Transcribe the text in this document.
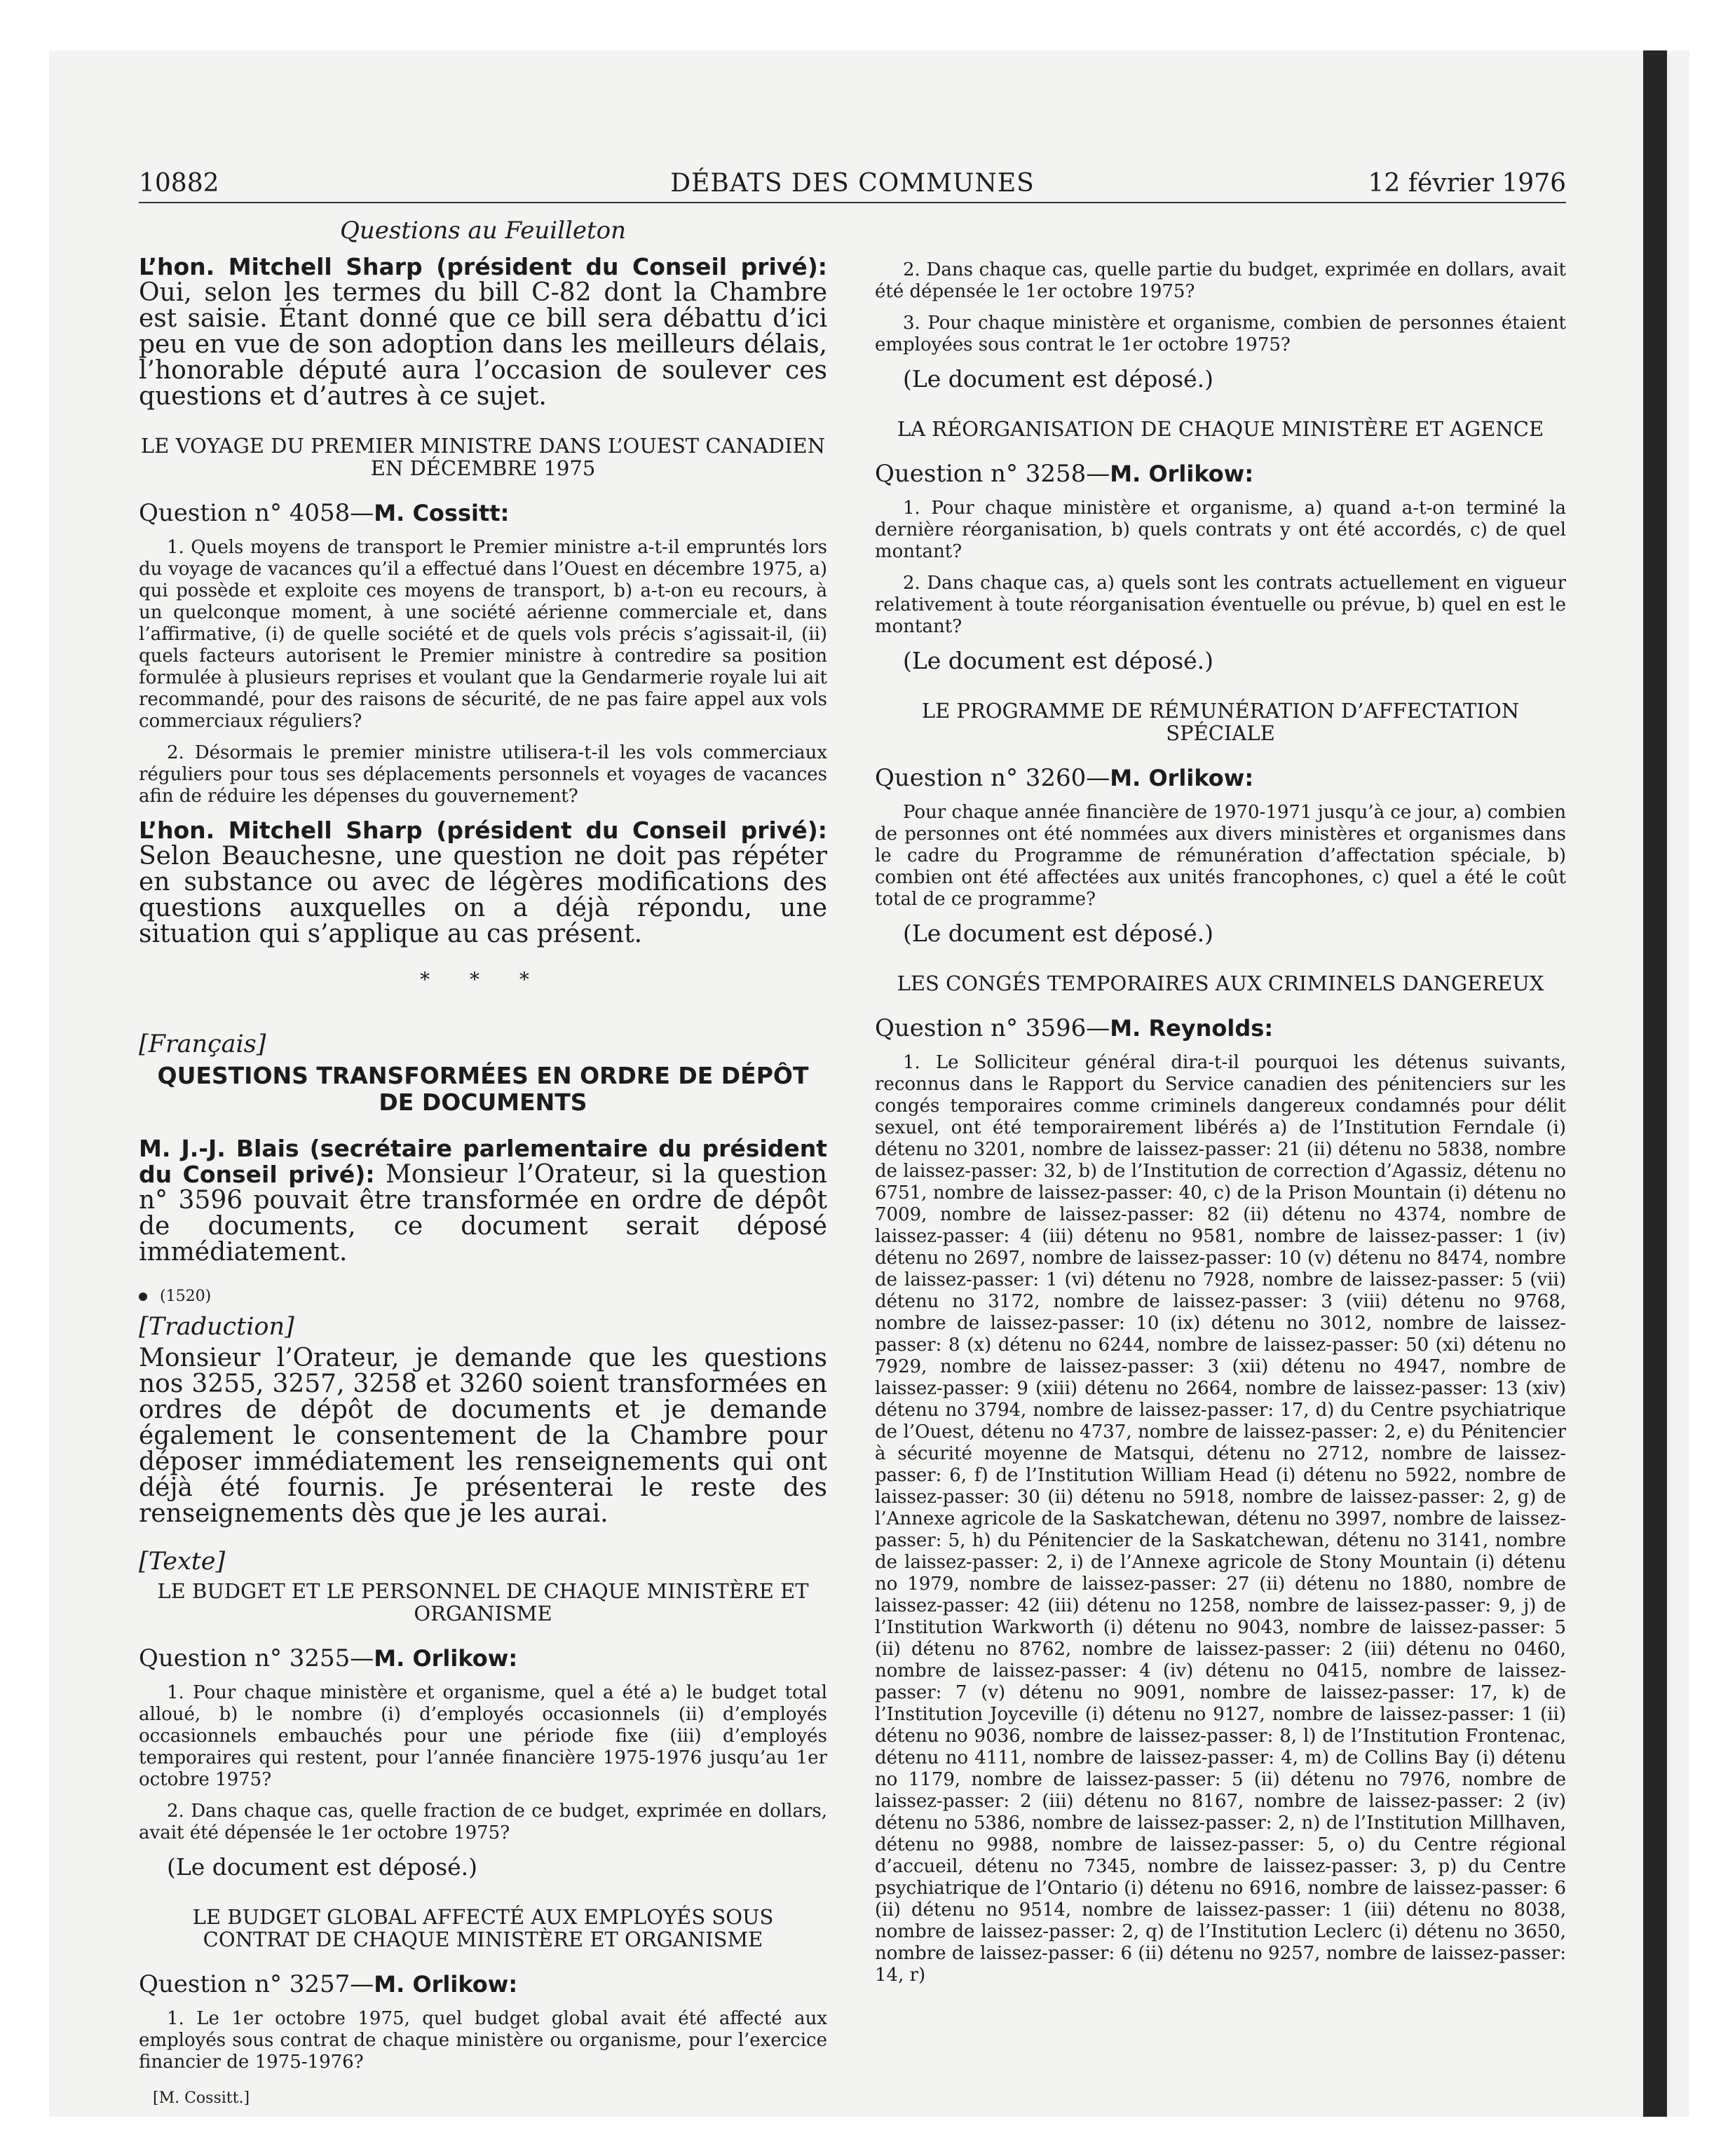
DÉBATS DES COMMUNES
10882	12 février 1976

Questions au Feuilleton

L’hon. Mitchell Sharp (président du Conseil privé): Oui, selon les termes du bill C-82 dont la Chambre est saisie. Étant donné que ce bill sera débattu d’ici peu en vue de son adoption dans les meilleurs délais, l’honorable député aura l’occasion de soulever ces questions et d’autres à ce sujet.

LE VOYAGE DU PREMIER MINISTRE DANS L’OUEST CANADIEN EN DÉCEMBRE 1975

Question n° 4058—M. Cossitt:

1. Quels moyens de transport le Premier ministre a-t-il empruntés lors du voyage de vacances qu’il a effectué dans l’Ouest en décembre 1975, a) qui possède et exploite ces moyens de transport, b) a-t-on eu recours, à un quelconque moment, à une société aérienne commerciale et, dans l’affirmative, (i) de quelle société et de quels vols précis s’agissait-il, (ii) quels facteurs autorisent le Premier ministre à contredire sa position formulée à plusieurs reprises et voulant que la Gendarmerie royale lui ait recommandé, pour des raisons de sécurité, de ne pas faire appel aux vols commerciaux réguliers?

2. Désormais le premier ministre utilisera-t-il les vols commerciaux réguliers pour tous ses déplacements personnels et voyages de vacances afin de réduire les dépenses du gouvernement?

L’hon. Mitchell Sharp (président du Conseil privé): Selon Beauchesne, une question ne doit pas répéter en substance ou avec de légères modifications des questions auxquelles on a déjà répondu, une situation qui s’applique au cas présent.

* * *

[Français]

QUESTIONS TRANSFORMÉES EN ORDRE DE DÉPÔT DE DOCUMENTS

M. J.-J. Blais (secrétaire parlementaire du président du Conseil privé): Monsieur l’Orateur, si la question n° 3596 pouvait être transformée en ordre de dépôt de documents, ce document serait déposé immédiatement.

(1520)

[Traduction]

Monsieur l’Orateur, je demande que les questions nos 3255, 3257, 3258 et 3260 soient transformées en ordres de dépôt de documents et je demande également le consentement de la Chambre pour déposer immédiatement les renseignements qui ont déjà été fournis. Je présenterai le reste des renseignements dès que je les aurai.

[Texte]

LE BUDGET ET LE PERSONNEL DE CHAQUE MINISTÈRE ET ORGANISME

Question n° 3255—M. Orlikow:

1. Pour chaque ministère et organisme, quel a été a) le budget total alloué, b) le nombre (i) d’employés occasionnels (ii) d’employés occasionnels embauchés pour une période fixe (iii) d’employés temporaires qui restent, pour l’année financière 1975-1976 jusqu’au 1er octobre 1975?

2. Dans chaque cas, quelle fraction de ce budget, exprimée en dollars, avait été dépensée le 1er octobre 1975?

(Le document est déposé.)

LE BUDGET GLOBAL AFFECTÉ AUX EMPLOYÉS SOUS CONTRAT DE CHAQUE MINISTÈRE ET ORGANISME

Question n° 3257—M. Orlikow:

1. Le 1er octobre 1975, quel budget global avait été affecté aux employés sous contrat de chaque ministère ou organisme, pour l’exercice financier de 1975-1976?

[M. Cossitt.]

2. Dans chaque cas, quelle partie du budget, exprimée en dollars, avait été dépensée le 1er octobre 1975?

3. Pour chaque ministère et organisme, combien de personnes étaient employées sous contrat le 1er octobre 1975?

(Le document est déposé.)

LA RÉORGANISATION DE CHAQUE MINISTÈRE ET AGENCE

Question n° 3258—M. Orlikow:

1. Pour chaque ministère et organisme, a) quand a-t-on terminé la dernière réorganisation, b) quels contrats y ont été accordés, c) de quel montant?

2. Dans chaque cas, a) quels sont les contrats actuellement en vigueur relativement à toute réorganisation éventuelle ou prévue, b) quel en est le montant?

(Le document est déposé.)

LE PROGRAMME DE RÉMUNÉRATION D’AFFECTATION SPÉCIALE

Question n° 3260—M. Orlikow:

Pour chaque année financière de 1970-1971 jusqu’à ce jour, a) combien de personnes ont été nommées aux divers ministères et organismes dans le cadre du Programme de rémunération d’affectation spéciale, b) combien ont été affectées aux unités francophones, c) quel a été le coût total de ce programme?

(Le document est déposé.)

LES CONGÉS TEMPORAIRES AUX CRIMINELS DANGEREUX

Question n° 3596—M. Reynolds:

1. Le Solliciteur général dira-t-il pourquoi les détenus suivants, reconnus dans le Rapport du Service canadien des pénitenciers sur les congés temporaires comme criminels dangereux condamnés pour délit sexuel, ont été temporairement libérés a) de l’Institution Ferndale (i) détenu no 3201, nombre de laissez-passer: 21 (ii) détenu no 5838, nombre de laissez-passer: 32, b) de l’Institution de correction d’Agassiz, détenu no 6751, nombre de laissez-passer: 40, c) de la Prison Mountain (i) détenu no 7009, nombre de laissez-passer: 82 (ii) détenu no 4374, nombre de laissez-passer: 4 (iii) détenu no 9581, nombre de laissez-passer: 1 (iv) détenu no 2697, nombre de laissez-passer: 10 (v) détenu no 8474, nombre de laissez-passer: 1 (vi) détenu no 7928, nombre de laissez-passer: 5 (vii) détenu no 3172, nombre de laissez-passer: 3 (viii) détenu no 9768, nombre de laissez-passer: 10 (ix) détenu no 3012, nombre de laissez-passer: 8 (x) détenu no 6244, nombre de laissez-passer: 50 (xi) détenu no 7929, nombre de laissez-passer: 3 (xii) détenu no 4947, nombre de laissez-passer: 9 (xiii) détenu no 2664, nombre de laissez-passer: 13 (xiv) détenu no 3794, nombre de laissez-passer: 17, d) du Centre psychiatrique de l’Ouest, détenu no 4737, nombre de laissez-passer: 2, e) du Pénitencier à sécurité moyenne de Matsqui, détenu no 2712, nombre de laissez-passer: 6, f) de l’Institution William Head (i) détenu no 5922, nombre de laissez-passer: 30 (ii) détenu no 5918, nombre de laissez-passer: 2, g) de l’Annexe agricole de la Saskatchewan, détenu no 3997, nombre de laissez-passer: 5, h) du Pénitencier de la Saskatchewan, détenu no 3141, nombre de laissez-passer: 2, i) de l’Annexe agricole de Stony Mountain (i) détenu no 1979, nombre de laissez-passer: 27 (ii) détenu no 1880, nombre de laissez-passer: 42 (iii) détenu no 1258, nombre de laissez-passer: 9, j) de l’Institution Warkworth (i) détenu no 9043, nombre de laissez-passer: 5 (ii) détenu no 8762, nombre de laissez-passer: 2 (iii) détenu no 0460, nombre de laissez-passer: 4 (iv) détenu no 0415, nombre de laissez-passer: 7 (v) détenu no 9091, nombre de laissez-passer: 17, k) de l’Institution Joyceville (i) détenu no 9127, nombre de laissez-passer: 1 (ii) détenu no 9036, nombre de laissez-passer: 8, l) de l’Institution Frontenac, détenu no 4111, nombre de laissez-passer: 4, m) de Collins Bay (i) détenu no 1179, nombre de laissez-passer: 5 (ii) détenu no 7976, nombre de laissez-passer: 2 (iii) détenu no 8167, nombre de laissez-passer: 2 (iv) détenu no 5386, nombre de laissez-passer: 2, n) de l’Institution Millhaven, détenu no 9988, nombre de laissez-passer: 5, o) du Centre régional d’accueil, détenu no 7345, nombre de laissez-passer: 3, p) du Centre psychiatrique de l’Ontario (i) détenu no 6916, nombre de laissez-passer: 6 (ii) détenu no 9514, nombre de laissez-passer: 1 (iii) détenu no 8038, nombre de laissez-passer: 2, q) de l’Institution Leclerc (i) détenu no 3650, nombre de laissez-passer: 6 (ii) détenu no 9257, nombre de laissez-passer: 14, r)
